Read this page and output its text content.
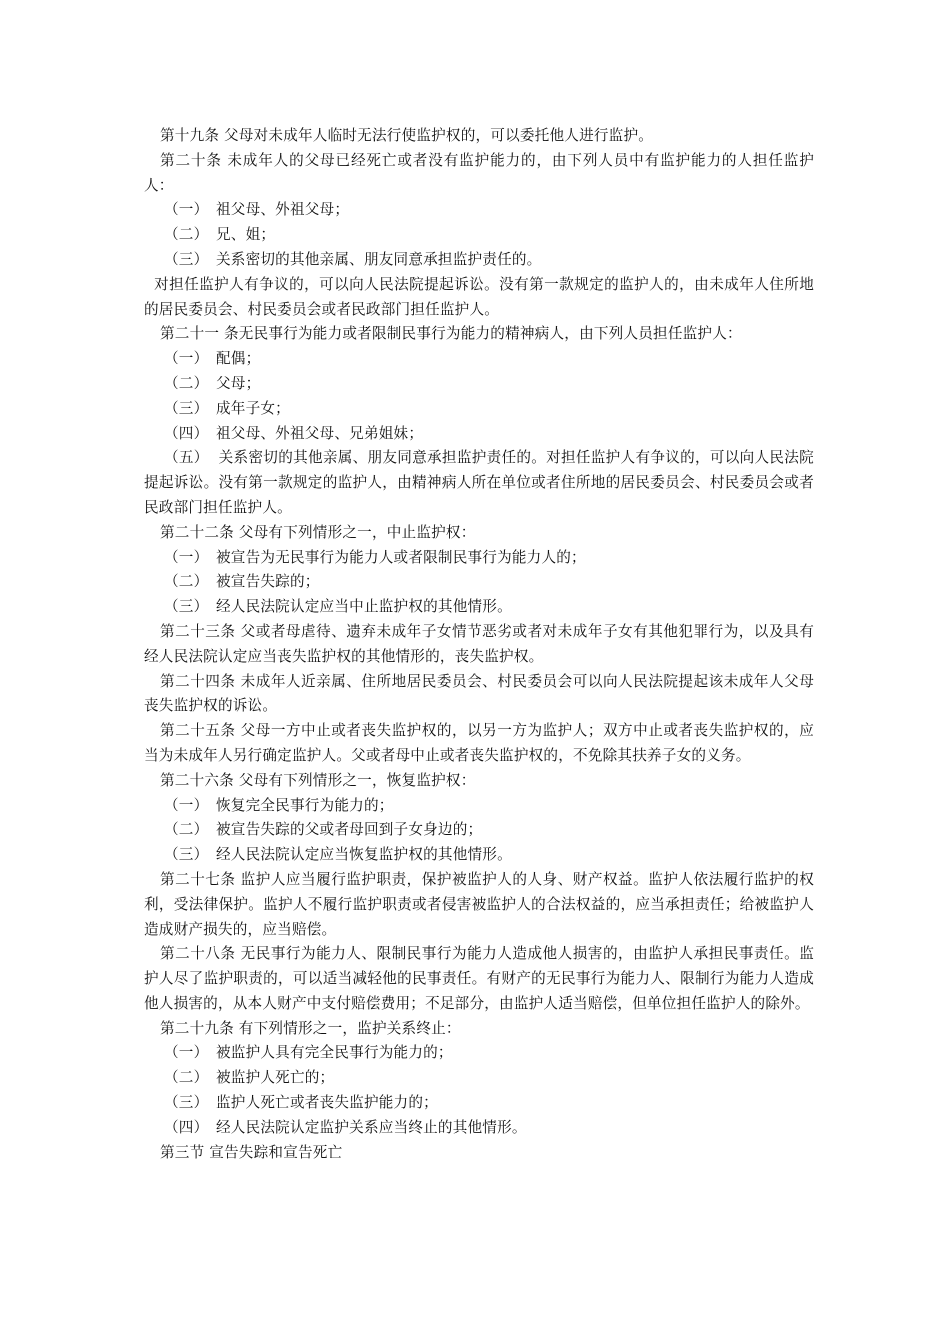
第十九条 父母对未成年人临时无法行使监护权的，可以委托他人进行监护。

第二十条 未成年人的父母已经死亡或者没有监护能力的，由下列人员中有监护能力的人担任监护人：

（一） 祖父母、外祖父母；

（二） 兄、姐；

（三） 关系密切的其他亲属、朋友同意承担监护责任的。

对担任监护人有争议的，可以向人民法院提起诉讼。没有第一款规定的监护人的，由未成年人住所地的居民委员会、村民委员会或者民政部门担任监护人。

第二十一 条无民事行为能力或者限制民事行为能力的精神病人，由下列人员担任监护人：

（一） 配偶；

（二） 父母；

（三） 成年子女；

（四） 祖父母、外祖父母、兄弟姐妹；

（五） 关系密切的其他亲属、朋友同意承担监护责任的。对担任监护人有争议的，可以向人民法院提起诉讼。没有第一款规定的监护人，由精神病人所在单位或者住所地的居民委员会、村民委员会或者民政部门担任监护人。

第二十二条 父母有下列情形之一，中止监护权：

（一） 被宣告为无民事行为能力人或者限制民事行为能力人的；

（二） 被宣告失踪的；

（三） 经人民法院认定应当中止监护权的其他情形。

第二十三条 父或者母虐待、遗弃未成年子女情节恶劣或者对未成年子女有其他犯罪行为，以及具有经人民法院认定应当丧失监护权的其他情形的，丧失监护权。

第二十四条 未成年人近亲属、住所地居民委员会、村民委员会可以向人民法院提起该未成年人父母丧失监护权的诉讼。

第二十五条 父母一方中止或者丧失监护权的，以另一方为监护人；双方中止或者丧失监护权的，应当为未成年人另行确定监护人。父或者母中止或者丧失监护权的，不免除其扶养子女的义务。

第二十六条 父母有下列情形之一，恢复监护权：

（一） 恢复完全民事行为能力的；

（二） 被宣告失踪的父或者母回到子女身边的；

（三） 经人民法院认定应当恢复监护权的其他情形。

第二十七条 监护人应当履行监护职责，保护被监护人的人身、财产权益。监护人依法履行监护的权利，受法律保护。监护人不履行监护职责或者侵害被监护人的合法权益的，应当承担责任；给被监护人造成财产损失的，应当赔偿。

第二十八条 无民事行为能力人、限制民事行为能力人造成他人损害的，由监护人承担民事责任。监护人尽了监护职责的，可以适当减轻他的民事责任。有财产的无民事行为能力人、限制行为能力人造成他人损害的，从本人财产中支付赔偿费用；不足部分，由监护人适当赔偿，但单位担任监护人的除外。

第二十九条 有下列情形之一，监护关系终止：

（一） 被监护人具有完全民事行为能力的；

（二） 被监护人死亡的；

（三） 监护人死亡或者丧失监护能力的；

（四） 经人民法院认定监护关系应当终止的其他情形。

第三节 宣告失踪和宣告死亡
